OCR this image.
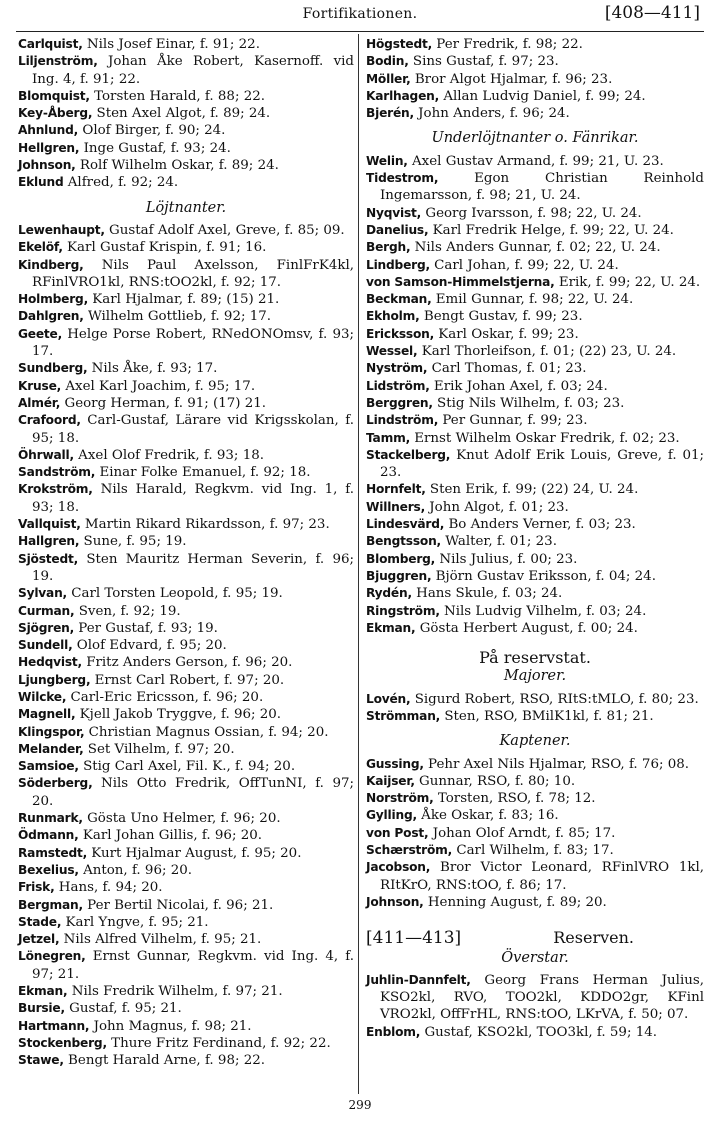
Fortifikationen.	[408—411]
Carlquist, Nils Josef Einar, f. 91; 22.
Liljenström, Johan Åke Robert, Kasernoff. vid Ing. 4, f. 91; 22.
Blomquist, Torsten Harald, f. 88; 22.
Key-Åberg, Sten Axel Algot, f. 89; 24.
Ahnlund, Olof Birger, f. 90; 24.
Hellgren, Inge Gustaf, f. 93; 24.
Johnson, Rolf Wilhelm Oskar, f. 89; 24.
Eklund Alfred, f. 92; 24.
Löjtnanter.
Lewenhaupt, Gustaf Adolf Axel, Greve, f. 85; 09.
Ekelöf, Karl Gustaf Krispin, f. 91; 16.
Kindberg, Nils Paul Axelsson, FinlFrK4kl, RFinlVRO1kl, RNS:tOO2kl, f. 92; 17.
Holmberg, Karl Hjalmar, f. 89; (15) 21.
Dahlgren, Wilhelm Gottlieb, f. 92; 17.
Geete, Helge Porse Robert, RNedONOmsv, f. 93; 17.
Sundberg, Nils Åke, f. 93; 17.
Kruse, Axel Karl Joachim, f. 95; 17.
Almér, Georg Herman, f. 91; (17) 21.
Crafoord, Carl-Gustaf, Lärare vid Krigsskolan, f. 95; 18.
Öhrwall, Axel Olof Fredrik, f. 93; 18.
Sandström, Einar Folke Emanuel, f. 92; 18.
Krokström, Nils Harald, Regkvm. vid Ing. 1, f. 93; 18.
Vallquist, Martin Rikard Rikardsson, f. 97; 23.
Hallgren, Sune, f. 95; 19.
Sjöstedt, Sten Mauritz Herman Severin, f. 96; 19.
Sylvan, Carl Torsten Leopold, f. 95; 19.
Curman, Sven, f. 92; 19.
Sjögren, Per Gustaf, f. 93; 19.
Sundell, Olof Edvard, f. 95; 20.
Hedqvist, Fritz Anders Gerson, f. 96; 20.
Ljungberg, Ernst Carl Robert, f. 97; 20.
Wilcke, Carl-Eric Ericsson, f. 96; 20.
Magnell, Kjell Jakob Tryggve, f. 96; 20.
Klingspor, Christian Magnus Ossian, f. 94; 20.
Melander, Set Vilhelm, f. 97; 20.
Samsioe, Stig Carl Axel, Fil. K., f. 94; 20.
Söderberg, Nils Otto Fredrik, OffTunNI, f. 97; 20.
Runmark, Gösta Uno Helmer, f. 96; 20.
Ödmann, Karl Johan Gillis, f. 96; 20.
Ramstedt, Kurt Hjalmar August, f. 95; 20.
Bexelius, Anton, f. 96; 20.
Frisk, Hans, f. 94; 20.
Bergman, Per Bertil Nicolai, f. 96; 21.
Stade, Karl Yngve, f. 95; 21.
Jetzel, Nils Alfred Vilhelm, f. 95; 21.
Lönegren, Ernst Gunnar, Regkvm. vid Ing. 4, f. 97; 21.
Ekman, Nils Fredrik Wilhelm, f. 97; 21.
Bursie, Gustaf, f. 95; 21.
Hartmann, John Magnus, f. 98; 21.
Stockenberg, Thure Fritz Ferdinand, f. 92; 22.
Stawe, Bengt Harald Arne, f. 98; 22.
Högstedt, Per Fredrik, f. 98; 22.
Bodin, Sins Gustaf, f. 97; 23.
Möller, Bror Algot Hjalmar, f. 96; 23.
Karlhagen, Allan Ludvig Daniel, f. 99; 24.
Bjerén, John Anders, f. 96; 24.
Underlöjtnanter o. Fänrikar.
Welin, Axel Gustav Armand, f. 99; 21, U. 23.
Tidestrom, Egon Christian Reinhold Ingemarsson, f. 98; 21, U. 24.
Nyqvist, Georg Ivarsson, f. 98; 22, U. 24.
Danelius, Karl Fredrik Helge, f. 99; 22, U. 24.
Bergh, Nils Anders Gunnar, f. 02; 22, U. 24.
Lindberg, Carl Johan, f. 99; 22, U. 24.
von Samson-Himmelstjerna, Erik, f. 99; 22, U. 24.
Beckman, Emil Gunnar, f. 98; 22, U. 24.
Ekholm, Bengt Gustav, f. 99; 23.
Ericksson, Karl Oskar, f. 99; 23.
Wessel, Karl Thorleifson, f. 01; (22) 23, U. 24.
Nyström, Carl Thomas, f. 01; 23.
Lidström, Erik Johan Axel, f. 03; 24.
Berggren, Stig Nils Wilhelm, f. 03; 23.
Lindström, Per Gunnar, f. 99; 23.
Tamm, Ernst Wilhelm Oskar Fredrik, f. 02; 23.
Stackelberg, Knut Adolf Erik Louis, Greve, f. 01; 23.
Hornfelt, Sten Erik, f. 99; (22) 24, U. 24.
Willners, John Algot, f. 01; 23.
Lindesvärd, Bo Anders Verner, f. 03; 23.
Bengtsson, Walter, f. 01; 23.
Blomberg, Nils Julius, f. 00; 23.
Bjuggren, Björn Gustav Eriksson, f. 04; 24.
Rydén, Hans Skule, f. 03; 24.
Ringström, Nils Ludvig Vilhelm, f. 03; 24.
Ekman, Gösta Herbert August, f. 00; 24.
På reservstat.
Majorer.
Lovén, Sigurd Robert, RSO, RItS:tMLO, f. 80; 23.
Strömman, Sten, RSO, BMilK1kl, f. 81; 21.
Kaptener.
Gussing, Pehr Axel Nils Hjalmar, RSO, f. 76; 08.
Kaijser, Gunnar, RSO, f. 80; 10.
Norström, Torsten, RSO, f. 78; 12.
Gylling, Åke Oskar, f. 83; 16.
von Post, Johan Olof Arndt, f. 85; 17.
Schærström, Carl Wilhelm, f. 83; 17.
Jacobson, Bror Victor Leonard, RFinlVRO 1kl, RItKrO, RNS:tOO, f. 86; 17.
Johnson, Henning August, f. 89; 20.
[411—413]	Reserven.
Överstar.
Juhlin-Dannfelt, Georg Frans Herman Julius, KSO2kl, RVO, TOO2kl, KDDO2gr, KFinl VRO2kl, OffFrHL, RNS:tOO, LKrVA, f. 50; 07.
Enblom, Gustaf, KSO2kl, TOO3kl, f. 59; 14.
299
